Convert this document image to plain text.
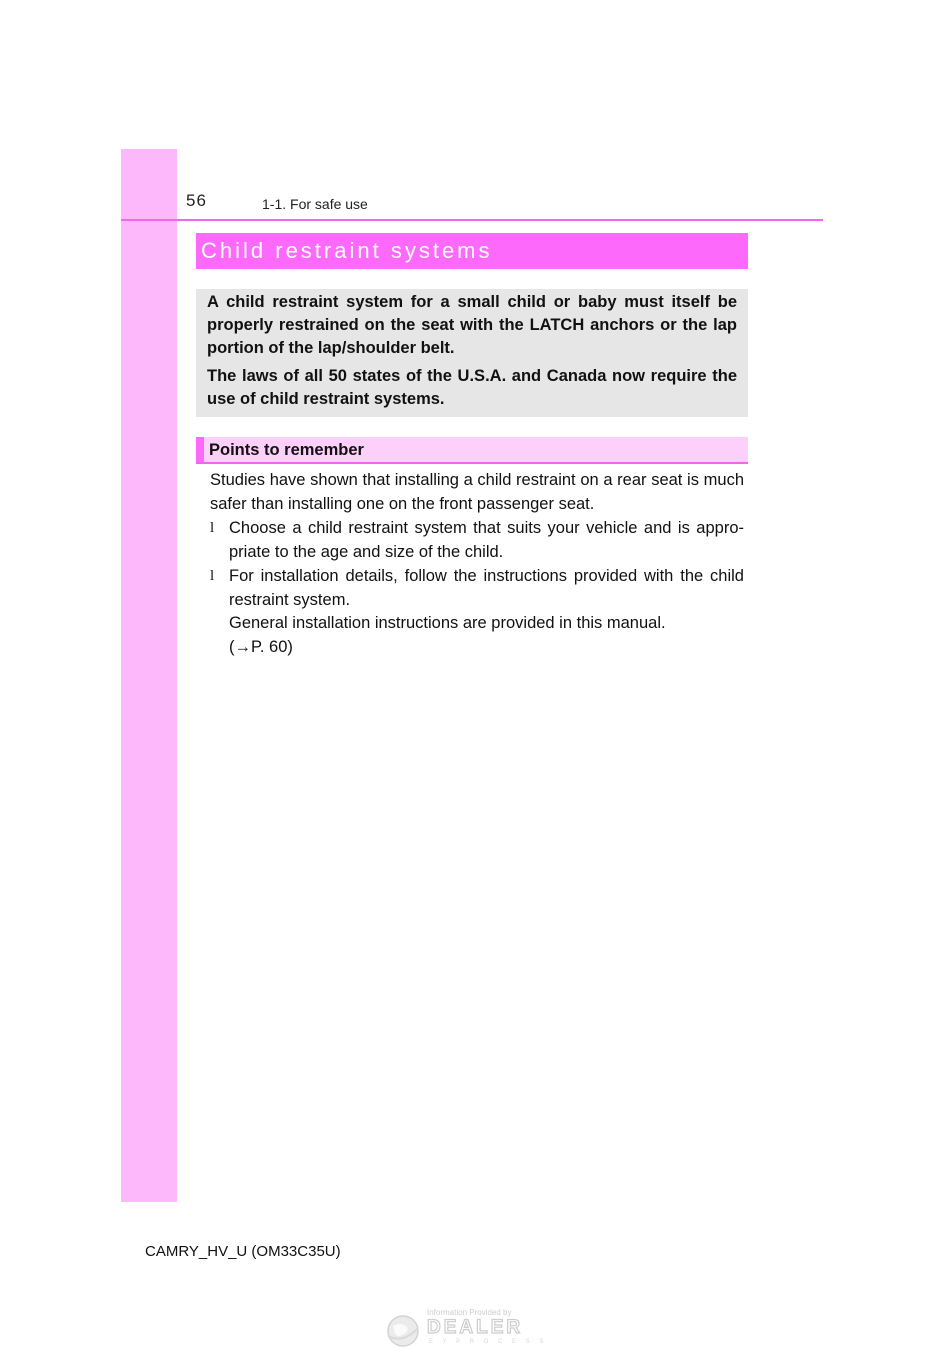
56	1-1. For safe use
Child restraint systems

A child restraint system for a small child or baby must itself be properly restrained on the seat with the LATCH anchors or the lap portion of the lap/shoulder belt.

The laws of all 50 states of the U.S.A. and Canada now require the use of child restraint systems.

Points to remember

Studies have shown that installing a child restraint on a rear seat is much safer than installing one on the front passenger seat.

l Choose a child restraint system that suits your vehicle and is appro-priate to the age and size of the child.
l For installation details, follow the instructions provided with the child restraint system.
General installation instructions are provided in this manual.
(→P. 60)
CAMRY_HV_U (OM33C35U)
Information Provided by
DEALER
E Y P R O C E S S
